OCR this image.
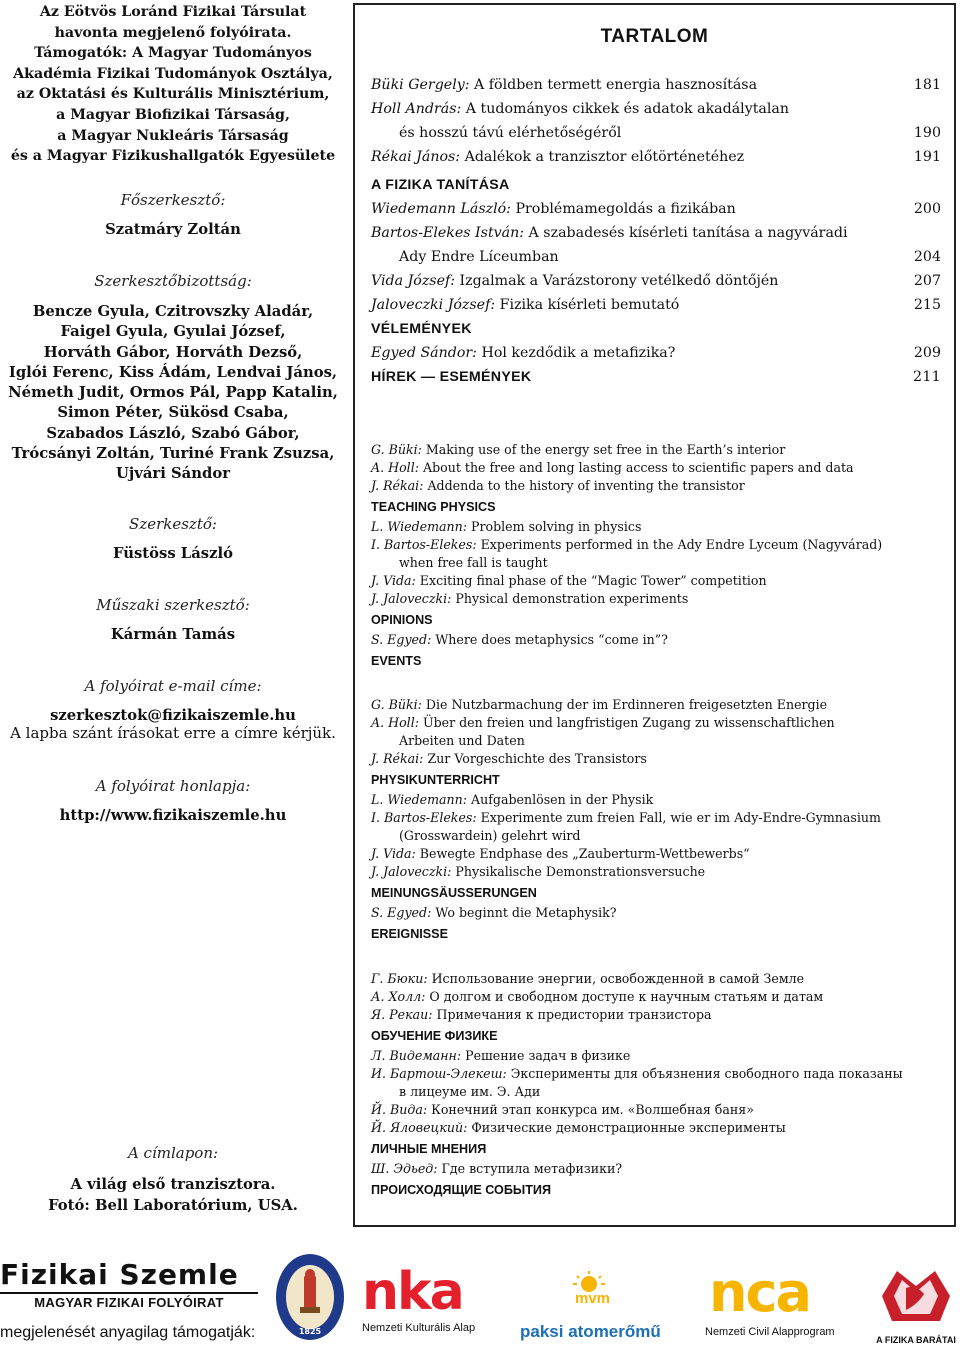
Az Eötvös Loránd Fizikai Társulat
havonta megjelenő folyóirata.
Támogatók: A Magyar Tudományos
Akadémia Fizikai Tudományok Osztálya,
az Oktatási és Kulturális Minisztérium,
a Magyar Biofizikai Társaság,
a Magyar Nukleáris Társaság
és a Magyar Fizikushallgatók Egyesülete
Főszerkesztő:
Szatmáry Zoltán
Szerkesztőbizottság:
Bencze Gyula, Czitrovszky Aladár,
Faigel Gyula, Gyulai József,
Horváth Gábor, Horváth Dezső,
Iglói Ferenc, Kiss Ádám, Lendvai János,
Németh Judit, Ormos Pál, Papp Katalin,
Simon Péter, Sükösd Csaba,
Szabados László, Szabó Gábor,
Trócsányi Zoltán, Turiné Frank Zsuzsa,
Ujvári Sándor
Szerkesztő:
Füstöss László
Műszaki szerkesztő:
Kármán Tamás
A folyóirat e-mail címe:
szerkesztok@fizikaiszemle.hu
A lapba szánt írásokat erre a címre kérjük.
A folyóirat honlapja:
http://www.fizikaiszemle.hu
A címlapon:
A világ első tranzisztora.
Fotó: Bell Laboratórium, USA.
TARTALOM
Büki Gergely: A földben termett energia hasznosítása	181
Holl András: A tudományos cikkek és adatok akadálytalan
és hosszú távú elérhetőségéről	190
Rékai János: Adalékok a tranzisztor előtörténetéhez	191
A FIZIKA TANÍTÁSA
Wiedemann László: Problémamegoldás a fizikában	200
Bartos-Elekes István: A szabadesés kísérleti tanítása a nagyváradi
Ady Endre Líceumban	204
Vida József: Izgalmak a Varázstorony vetélkedő döntőjén	207
Jaloveczki József: Fizika kísérleti bemutató	215
VÉLEMÉNYEK
Egyed Sándor: Hol kezdődik a metafizika?	209
HÍREK — ESEMÉNYEK	211
G. Büki: Making use of the energy set free in the Earth’s interior
A. Holl: About the free and long lasting access to scientific papers and data
J. Rékai: Addenda to the history of inventing the transistor
TEACHING PHYSICS
L. Wiedemann: Problem solving in physics
I. Bartos-Elekes: Experiments performed in the Ady Endre Lyceum (Nagyvárad)
when free fall is taught
J. Vida: Exciting final phase of the “Magic Tower” competition
J. Jaloveczki: Physical demonstration experiments
OPINIONS
S. Egyed: Where does metaphysics “come in”?
EVENTS
G. Büki: Die Nutzbarmachung der im Erdinneren freigesetzten Energie
A. Holl: Über den freien und langfristigen Zugang zu wissenschaftlichen
Arbeiten und Daten
J. Rékai: Zur Vorgeschichte des Transistors
PHYSIKUNTERRICHT
L. Wiedemann: Aufgabenlösen in der Physik
I. Bartos-Elekes: Experimente zum freien Fall, wie er im Ady-Endre-Gymnasium
(Grosswardein) gelehrt wird
J. Vida: Bewegte Endphase des „Zauberturm-Wettbewerbs“
J. Jaloveczki: Physikalische Demonstrationsversuche
MEINUNGSÄUSSERUNGEN
S. Egyed: Wo beginnt die Metaphysik?
EREIGNISSE
Г. Бюки: Использование энергии, освобожденной в самой Земле
А. Холл: О долгом и свободном доступе к научным статьям и датам
Я. Рекаи: Примечания к предистории транзистора
ОБУЧЕНИЕ ФИЗИКЕ
Л. Видеманн: Решение задач в физике
И. Бартош-Элекеш: Эксперименты для объязнения свободного пада показаны
в лицеуме им. Э. Ади
Й. Вида: Конечний этап конкурса им. «Волшебная баня»
Й. Яловецкий: Физические демонстрационные эксперименты
ЛИЧНЫЕ МНЕНИЯ
Ш. Эдьед: Где вступила метафизики?
ПРОИСХОДЯЩИЕ СОБЫТИЯ
Fizikai Szemle
MAGYAR FIZIKAI FOLYÓIRAT
megjelenését anyagilag támogatják:	1825
nka
Nemzeti Kulturális Alap
mvm
paksi atomerőmű
nca
Nemzeti Civil Alapprogram
A FIZIKA BARÁTAI
